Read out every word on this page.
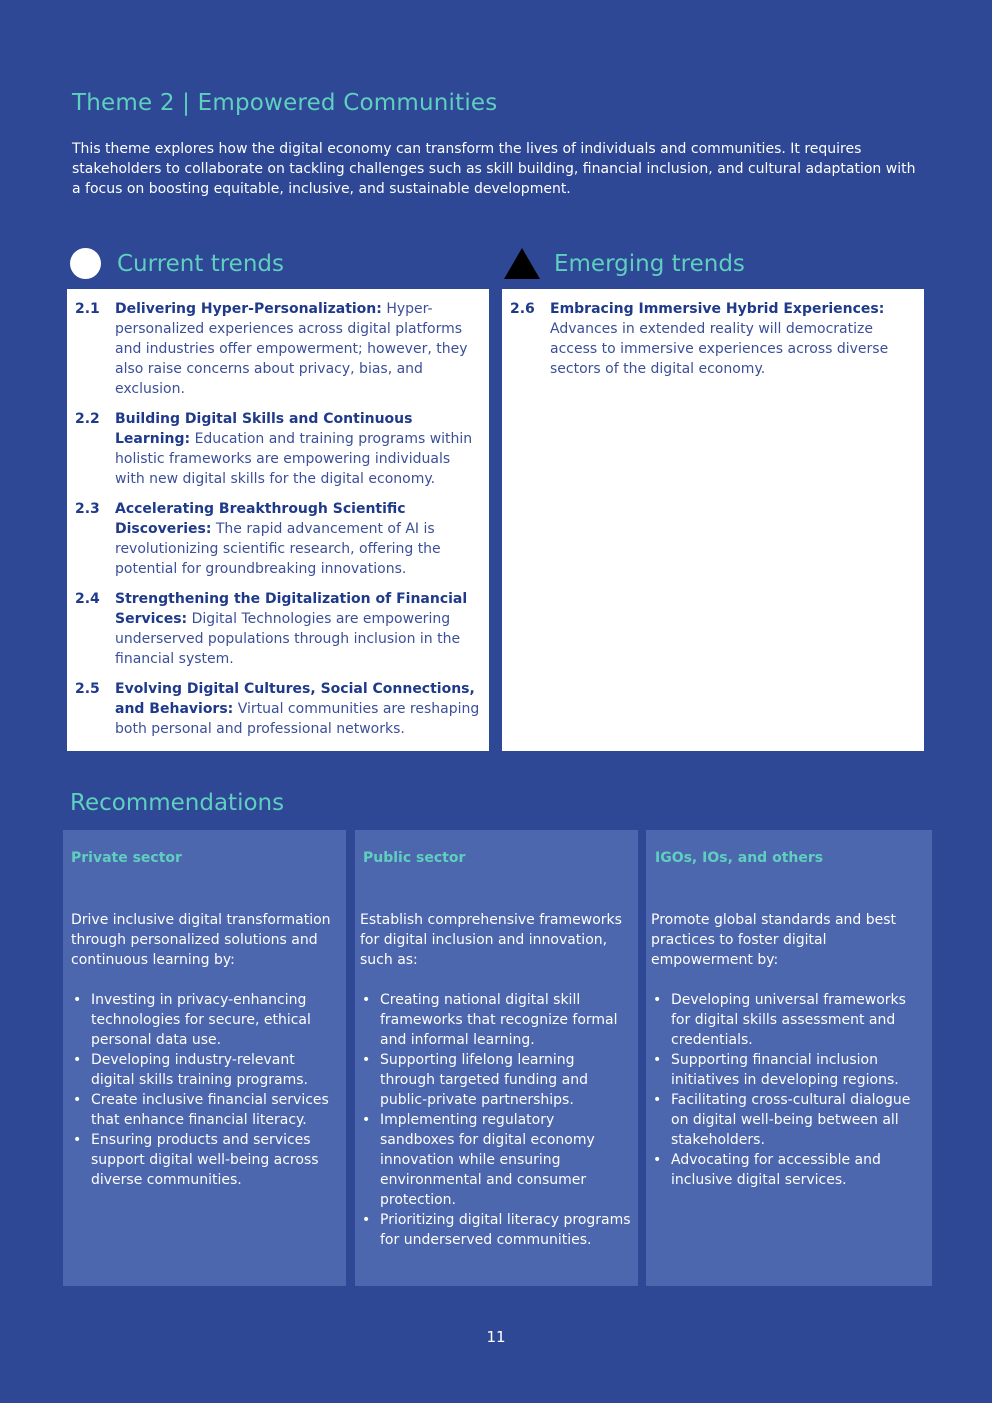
Theme 2 | Empowered Communities

This theme explores how the digital economy can transform the lives of individuals and communities. It requires stakeholders to collaborate on tackling challenges such as skill building, financial inclusion, and cultural adaptation with a focus on boosting equitable, inclusive, and sustainable development.

Current trends
2.1	Delivering Hyper-Personalization: Hyper-personalized experiences across digital platforms and industries offer empowerment; however, they also raise concerns about privacy, bias, and exclusion.
2.2	Building Digital Skills and Continuous Learning: Education and training programs within holistic frameworks are empowering individuals with new digital skills for the digital economy.
2.3	Accelerating Breakthrough Scientific Discoveries: The rapid advancement of AI is revolutionizing scientific research, offering the potential for groundbreaking innovations.
2.4	Strengthening the Digitalization of Financial Services: Digital Technologies are empowering underserved populations through inclusion in the financial system.
2.5	Evolving Digital Cultures, Social Connections, and Behaviors: Virtual communities are reshaping both personal and professional networks.
Emerging trends
2.6	Embracing Immersive Hybrid Experiences: Advances in extended reality will democratize access to immersive experiences across diverse sectors of the digital economy.
Recommendations
Private sector

Drive inclusive digital transformation through personalized solutions and continuous learning by:

• Investing in privacy-enhancing technologies for secure, ethical personal data use.
• Developing industry-relevant digital skills training programs.
• Create inclusive financial services that enhance financial literacy.
• Ensuring products and services support digital well-being across diverse communities.
Public sector

Establish comprehensive frameworks for digital inclusion and innovation, such as:

• Creating national digital skill frameworks that recognize formal and informal learning.
• Supporting lifelong learning through targeted funding and public-private partnerships.
• Implementing regulatory sandboxes for digital economy innovation while ensuring environmental and consumer protection.
• Prioritizing digital literacy programs for underserved communities.
IGOs, IOs, and others

Promote global standards and best practices to foster digital empowerment by:

• Developing universal frameworks for digital skills assessment and credentials.
• Supporting financial inclusion initiatives in developing regions.
• Facilitating cross-cultural dialogue on digital well-being between all stakeholders.
• Advocating for accessible and inclusive digital services.
11
